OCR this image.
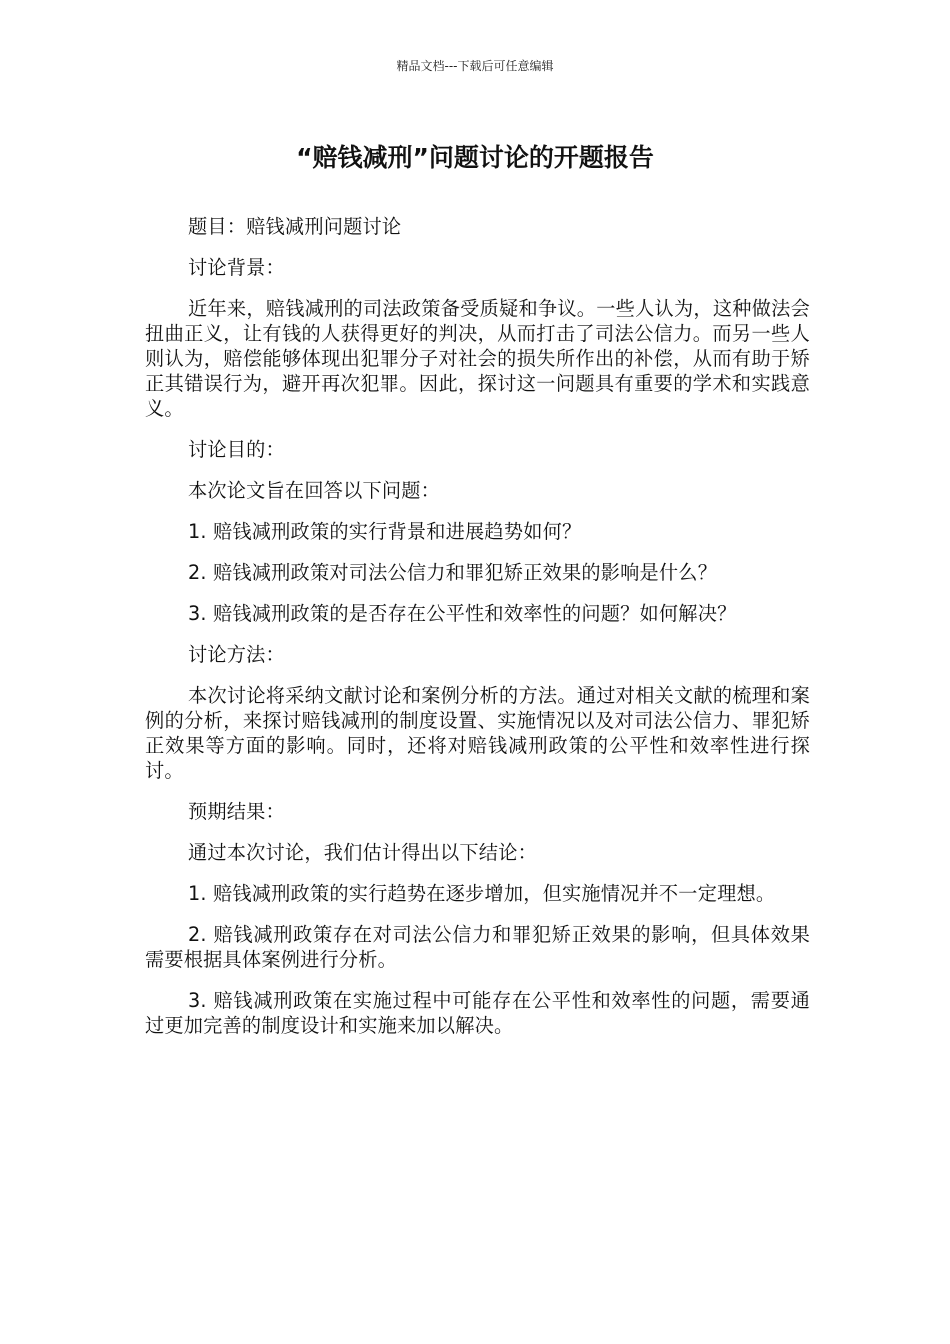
精品文档---下载后可任意编辑
“赔钱减刑”问题讨论的开题报告

题目：赔钱减刑问题讨论

讨论背景：

近年来，赔钱减刑的司法政策备受质疑和争议。一些人认为，这种做法会扭曲正义，让有钱的人获得更好的判决，从而打击了司法公信力。而另一些人则认为，赔偿能够体现出犯罪分子对社会的损失所作出的补偿，从而有助于矫正其错误行为，避开再次犯罪。因此，探讨这一问题具有重要的学术和实践意义。

讨论目的：

本次论文旨在回答以下问题：

1. 赔钱减刑政策的实行背景和进展趋势如何？

2. 赔钱减刑政策对司法公信力和罪犯矫正效果的影响是什么？

3. 赔钱减刑政策的是否存在公平性和效率性的问题？如何解决？

讨论方法：

本次讨论将采纳文献讨论和案例分析的方法。通过对相关文献的梳理和案例的分析，来探讨赔钱减刑的制度设置、实施情况以及对司法公信力、罪犯矫正效果等方面的影响。同时，还将对赔钱减刑政策的公平性和效率性进行探讨。

预期结果：

通过本次讨论，我们估计得出以下结论：

1. 赔钱减刑政策的实行趋势在逐步增加，但实施情况并不一定理想。

2. 赔钱减刑政策存在对司法公信力和罪犯矫正效果的影响，但具体效果需要根据具体案例进行分析。

3. 赔钱减刑政策在实施过程中可能存在公平性和效率性的问题，需要通过更加完善的制度设计和实施来加以解决。
